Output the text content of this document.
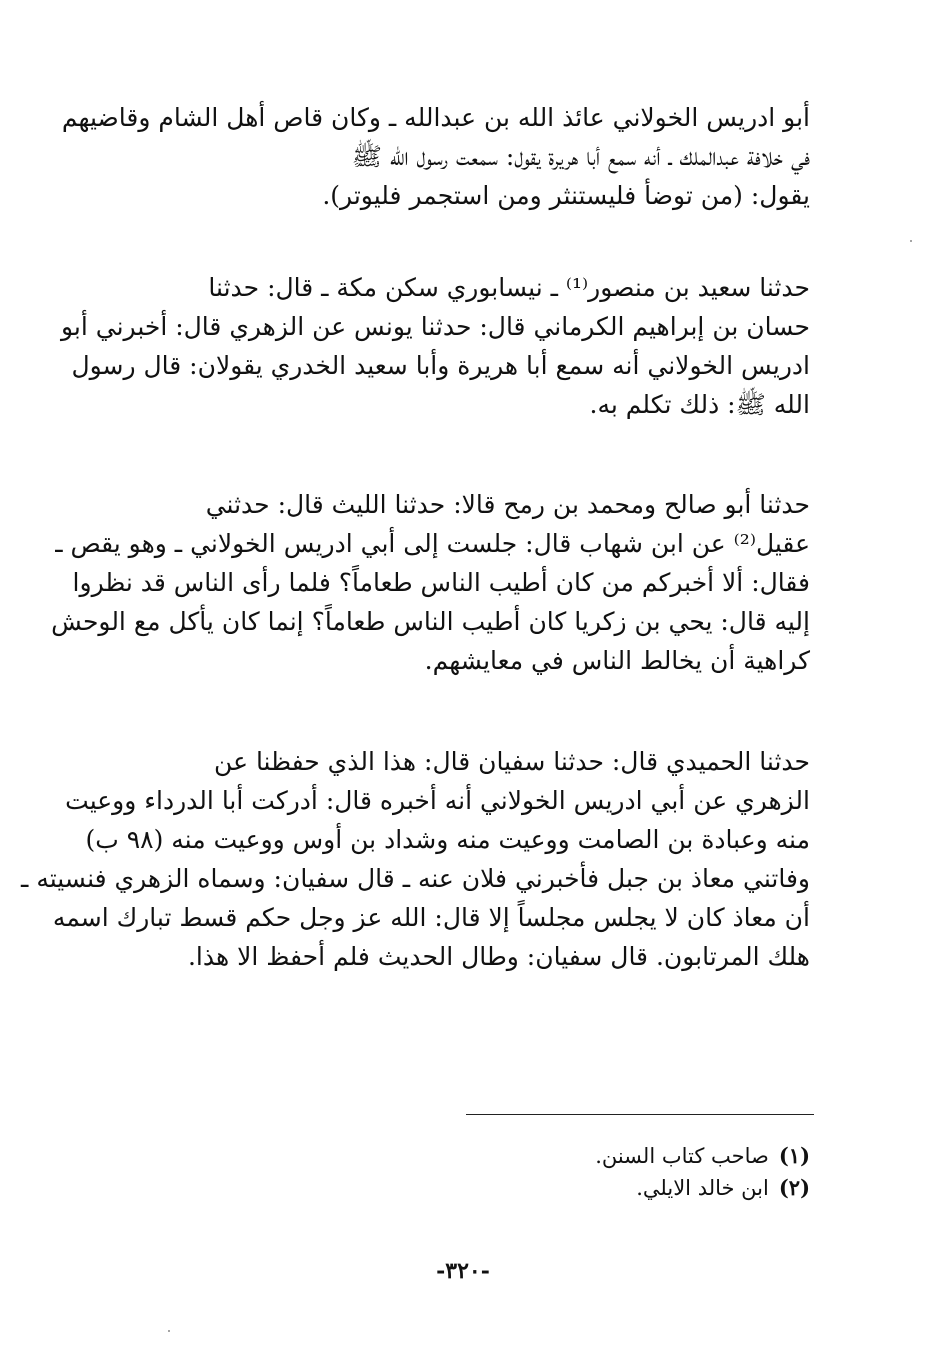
أبو ادريس الخولاني عائذ الله بن عبدالله ـ وكان قاص أهل الشام وقاضيهم
في خلافة عبدالملك ـ أنه سمع أبا هريرة يقول: سمعت رسول الله ﷺ
يقول: (من توضأ فليستنثر ومن استجمر فليوتر).
حدثنا سعيد بن منصور⁽¹⁾ ـ نيسابوري سكن مكة ـ قال: حدثنا
حسان بن إبراهيم الكرماني قال: حدثنا يونس عن الزهري قال: أخبرني أبو
ادريس الخولاني أنه سمع أبا هريرة وأبا سعيد الخدري يقولان: قال رسول
الله ﷺ: ذلك تكلم به.
حدثنا أبو صالح ومحمد بن رمح قالا: حدثنا الليث قال: حدثني
عقيل⁽²⁾ عن ابن شهاب قال: جلست إلى أبي ادريس الخولاني ـ وهو يقص ـ
فقال: ألا أخبركم من كان أطيب الناس طعاماً؟ فلما رأى الناس قد نظروا
إليه قال: يحي بن زكريا كان أطيب الناس طعاماً؟ إنما كان يأكل مع الوحش
كراهية أن يخالط الناس في معايشهم.
حدثنا الحميدي قال: حدثنا سفيان قال: هذا الذي حفظنا عن
الزهري عن أبي ادريس الخولاني أنه أخبره قال: أدركت أبا الدرداء ووعيت
منه وعبادة بن الصامت ووعيت منه وشداد بن أوس ووعيت منه (٩٨ ب)
وفاتني معاذ بن جبل فأخبرني فلان عنه ـ قال سفيان: وسماه الزهري فنسيته ـ
أن معاذ كان لا يجلس مجلساً إلا قال: الله عز وجل حكم قسط تبارك اسمه
هلك المرتابون. قال سفيان: وطال الحديث فلم أحفظ الا هذا.
(١)صاحب كتاب السنن.
(٢)ابن خالد الايلي.
-٣٢٠-
